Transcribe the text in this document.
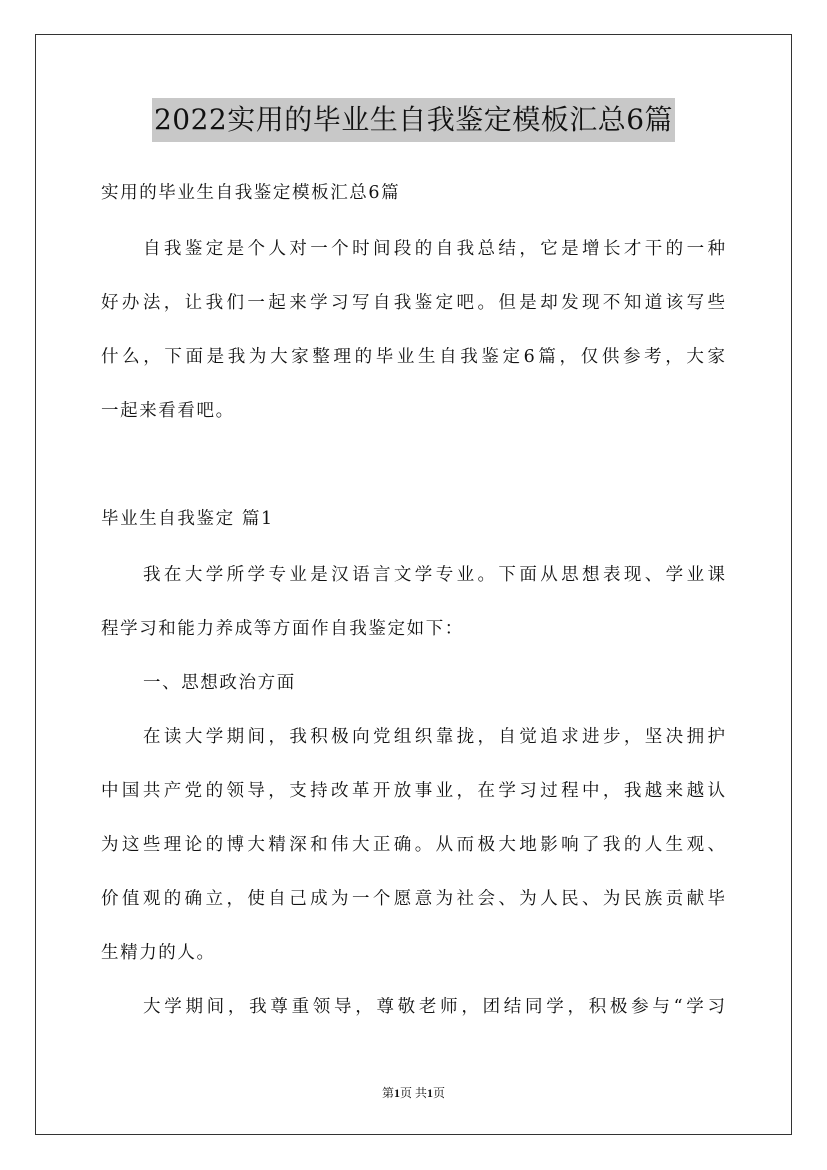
2022实用的毕业生自我鉴定模板汇总6篇
实用的毕业生自我鉴定模板汇总6篇
自我鉴定是个人对一个时间段的自我总结，它是增长才干的一种
好办法，让我们一起来学习写自我鉴定吧。但是却发现不知道该写些
什么，下面是我为大家整理的毕业生自我鉴定6篇，仅供参考，大家
一起来看看吧。
毕业生自我鉴定 篇1
我在大学所学专业是汉语言文学专业。下面从思想表现、学业课
程学习和能力养成等方面作自我鉴定如下：
一、思想政治方面
在读大学期间，我积极向党组织靠拢，自觉追求进步，坚决拥护
中国共产党的领导，支持改革开放事业，在学习过程中，我越来越认
为这些理论的博大精深和伟大正确。从而极大地影响了我的人生观、
价值观的确立，使自己成为一个愿意为社会、为人民、为民族贡献毕
生精力的人。
大学期间，我尊重领导，尊敬老师，团结同学，积极参与“学习
第1页 共1页
